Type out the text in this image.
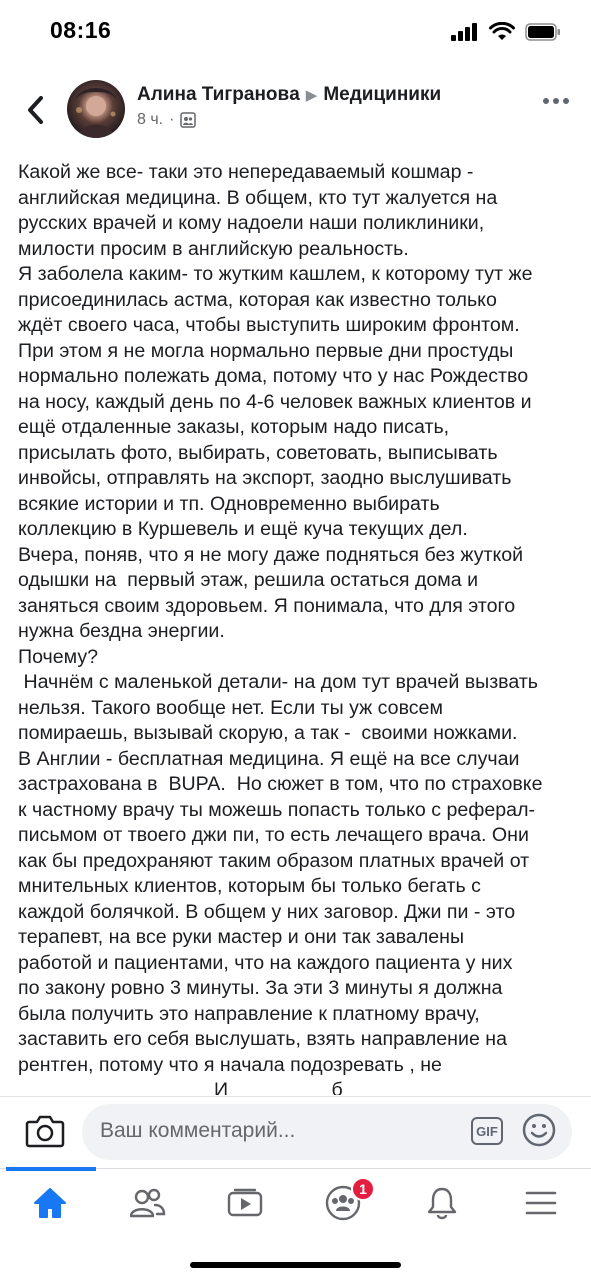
08:16
Алина Тиграновa ▶ Медициники
8 ч. ·

Какой же все- таки это непередаваемый кошмар -

английская медицина. В общем, кто тут жалуется на

русских врачей и кому надоели наши поликлиники,

милости просим в английскую реальность.

Я заболела каким- то жутким кашлем, к которому тут же

присоединилась астма, которая как известно только

ждёт своего часа, чтобы выступить широким фронтом.

При этом я не могла нормально первые дни простуды

нормально полежать дома, потому что у нас Рождество

на носу, каждый день по 4-6 человек важных клиентов и

ещё отдаленные заказы, которым надо писать,

присылать фото, выбирать, советовать, выписывать

инвойсы, отправлять на экспорт, заодно выслушивать

всякие истории и тп. Одновременно выбирать

коллекцию в Куршевель и ещё куча текущих дел.

Вчера, поняв, что я не могу даже подняться без жуткой

одышки на  первый этаж, решила остаться дома и

заняться своим здоровьем. Я понимала, что для этого

нужна бездна энергии.

Почему?

Начнём с маленькой детали- на дом тут врачей вызвать

нельзя. Такого вообще нет. Если ты уж совсем

помираешь, вызывай скорую, а так -  своими ножками.

В Англии - бесплатная медицина. Я ещё на все случаи

застрахована в  BUPA.  Но сюжет в том, что по страховке

к частному врачу ты можешь попасть только с реферал-

письмом от твоего джи пи, то есть лечащего врача. Они

как бы предохраняют таким образом платных врачей от

мнительных клиентов, которым бы только бегать с

каждой болячкой. В общем у них заговор. Джи пи - это

терапевт, на все руки мастер и они так завалены

работой и пациентами, что на каждого пациента у них

по закону ровно 3 минуты. За эти 3 минуты я должна

была получить это направление к платному врачу,

заставить его себя выслушать, взять направление на

рентген, потому что я начала подозревать , не

И                   б

Ваш комментарий...	GIF
1
